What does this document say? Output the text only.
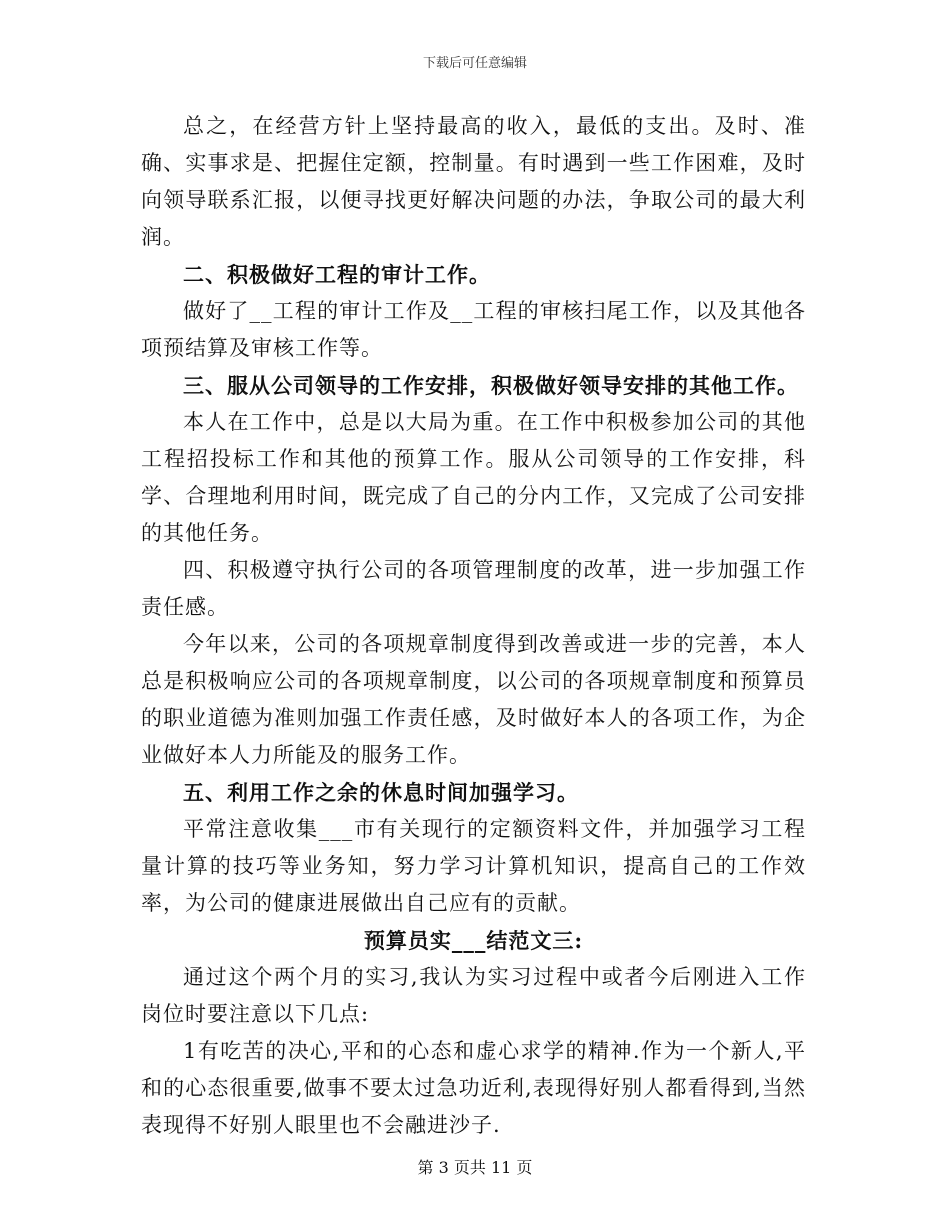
下载后可任意编辑

总之，在经营方针上坚持最高的收入，最低的支出。及时、准确、实事求是、把握住定额，控制量。有时遇到一些工作困难，及时向领导联系汇报，以便寻找更好解决问题的办法，争取公司的最大利润。

二、积极做好工程的审计工作。

做好了__工程的审计工作及__工程的审核扫尾工作，以及其他各项预结算及审核工作等。

三、服从公司领导的工作安排，积极做好领导安排的其他工作。

本人在工作中，总是以大局为重。在工作中积极参加公司的其他工程招投标工作和其他的预算工作。服从公司领导的工作安排，科学、合理地利用时间，既完成了自己的分内工作，又完成了公司安排的其他任务。

四、积极遵守执行公司的各项管理制度的改革，进一步加强工作责任感。

今年以来，公司的各项规章制度得到改善或进一步的完善，本人总是积极响应公司的各项规章制度，以公司的各项规章制度和预算员的职业道德为准则加强工作责任感，及时做好本人的各项工作，为企业做好本人力所能及的服务工作。

五、利用工作之余的休息时间加强学习。

平常注意收集___市有关现行的定额资料文件，并加强学习工程量计算的技巧等业务知，努力学习计算机知识，提高自己的工作效率，为公司的健康进展做出自己应有的贡献。

预算员实___结范文三:

通过这个两个月的实习,我认为实习过程中或者今后刚进入工作岗位时要注意以下几点:

1有吃苦的决心,平和的心态和虚心求学的精神.作为一个新人,平和的心态很重要,做事不要太过急功近利,表现得好别人都看得到,当然表现得不好别人眼里也不会融进沙子.

第 3 页共 11 页
